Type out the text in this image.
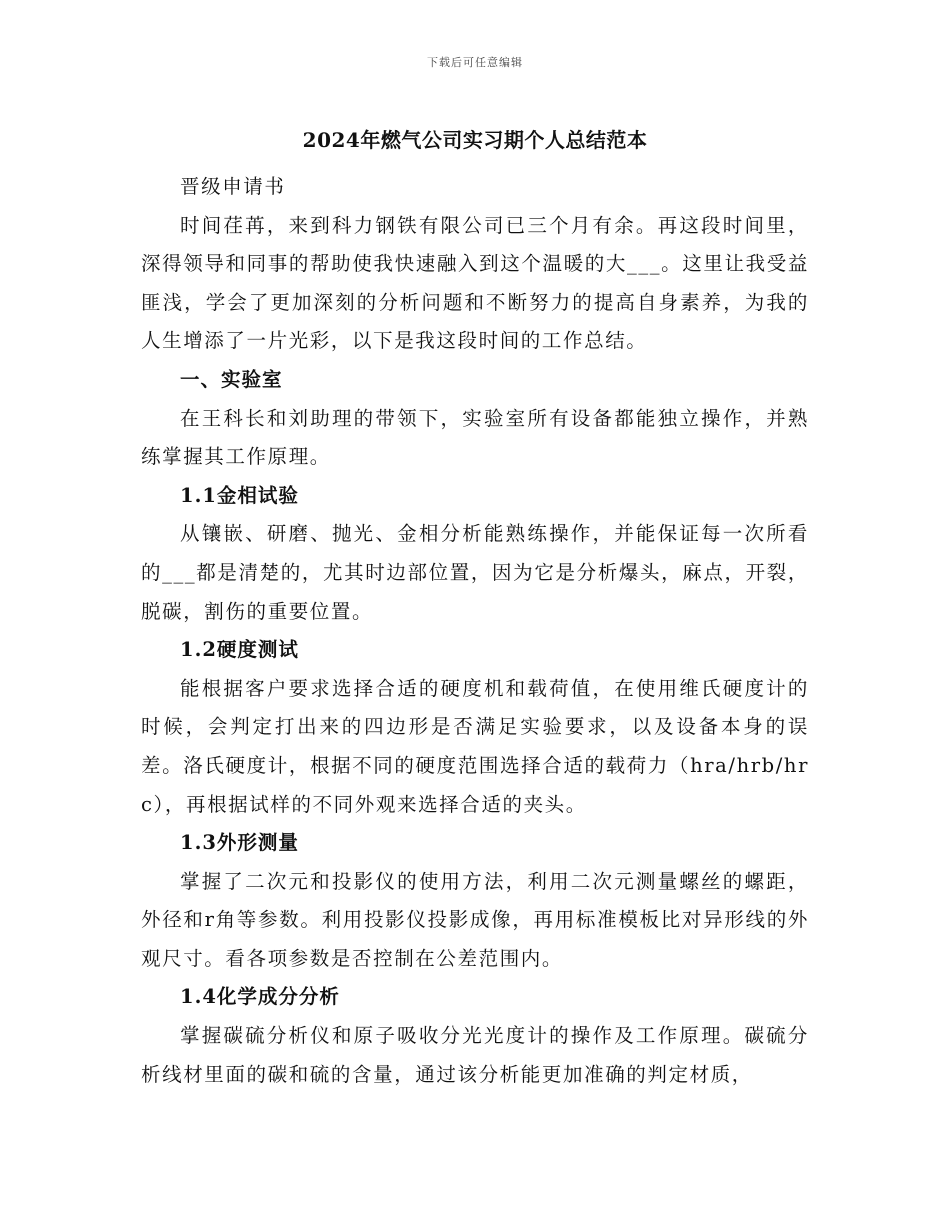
下载后可任意编辑
2024年燃气公司实习期个人总结范本

晋级申请书

时间荏苒，来到科力钢铁有限公司已三个月有余。再这段时间里，深得领导和同事的帮助使我快速融入到这个温暖的大___。这里让我受益匪浅，学会了更加深刻的分析问题和不断努力的提高自身素养，为我的人生增添了一片光彩，以下是我这段时间的工作总结。

一、实验室

在王科长和刘助理的带领下，实验室所有设备都能独立操作，并熟练掌握其工作原理。

1.1金相试验

从镶嵌、研磨、抛光、金相分析能熟练操作，并能保证每一次所看的___都是清楚的，尤其时边部位置，因为它是分析爆头，麻点，开裂，脱碳，割伤的重要位置。

1.2硬度测试

能根据客户要求选择合适的硬度机和载荷值，在使用维氏硬度计的时候，会判定打出来的四边形是否满足实验要求，以及设备本身的误差。洛氏硬度计，根据不同的硬度范围选择合适的载荷力（hra/hrb/hrc），再根据试样的不同外观来选择合适的夹头。

1.3外形测量

掌握了二次元和投影仪的使用方法，利用二次元测量螺丝的螺距，外径和r角等参数。利用投影仪投影成像，再用标准模板比对异形线的外观尺寸。看各项参数是否控制在公差范围内。

1.4化学成分分析

掌握碳硫分析仪和原子吸收分光光度计的操作及工作原理。碳硫分析线材里面的碳和硫的含量，通过该分析能更加准确的判定材质，
